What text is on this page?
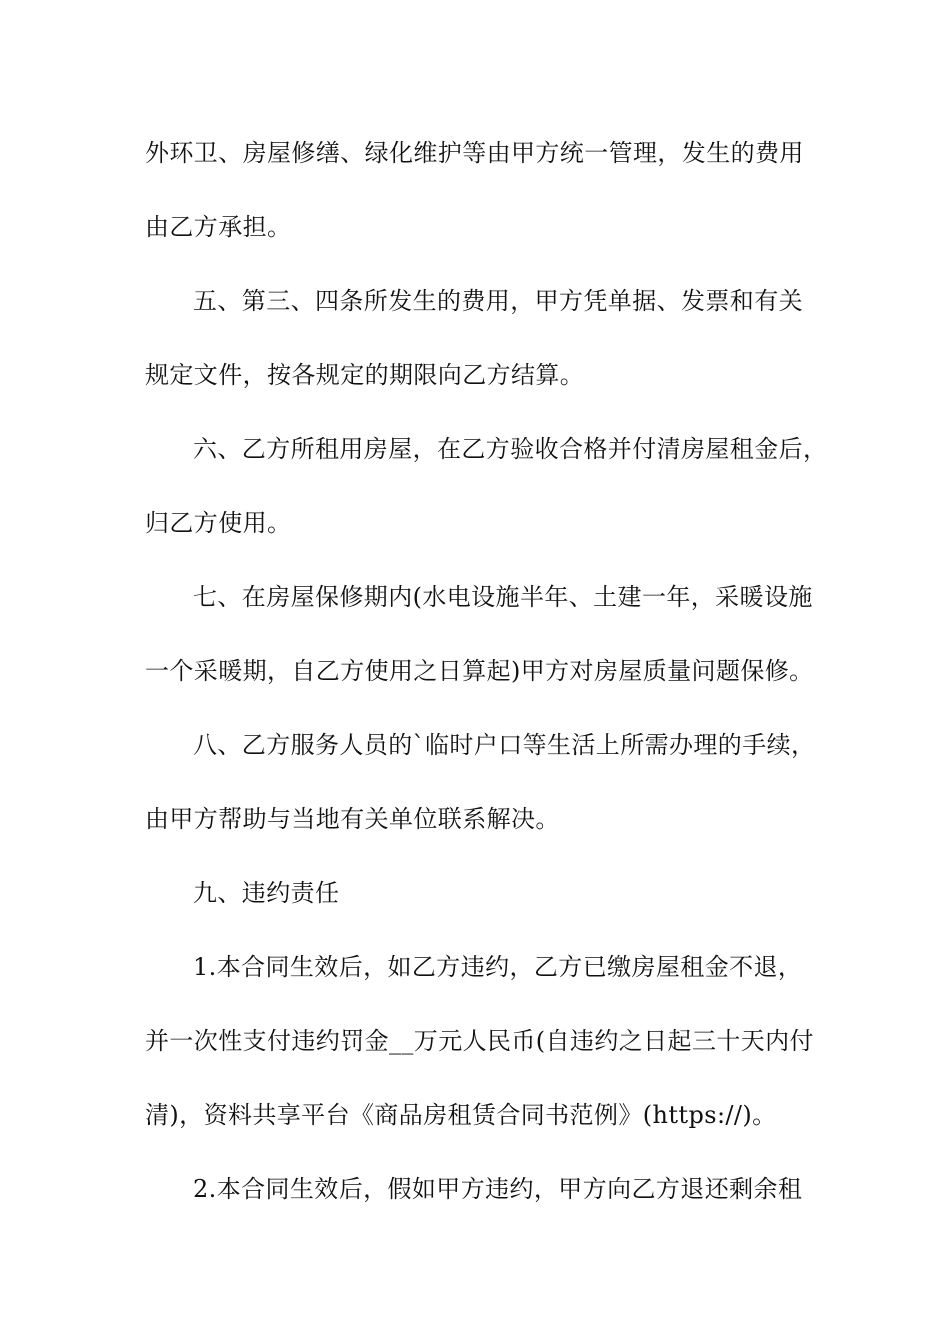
外环卫、房屋修缮、绿化维护等由甲方统一管理，发生的费用
由乙方承担。
五、第三、四条所发生的费用，甲方凭单据、发票和有关
规定文件，按各规定的期限向乙方结算。
六、乙方所租用房屋，在乙方验收合格并付清房屋租金后，
归乙方使用。
七、在房屋保修期内(水电设施半年、土建一年，采暖设施
一个采暖期，自乙方使用之日算起)甲方对房屋质量问题保修。
八、乙方服务人员的`临时户口等生活上所需办理的手续，
由甲方帮助与当地有关单位联系解决。
九、违约责任
1.本合同生效后，如乙方违约，乙方已缴房屋租金不退，
并一次性支付违约罚金__万元人民币(自违约之日起三十天内付
清)，资料共享平台《商品房租赁合同书范例》(https://)。
2.本合同生效后，假如甲方违约，甲方向乙方退还剩余租
